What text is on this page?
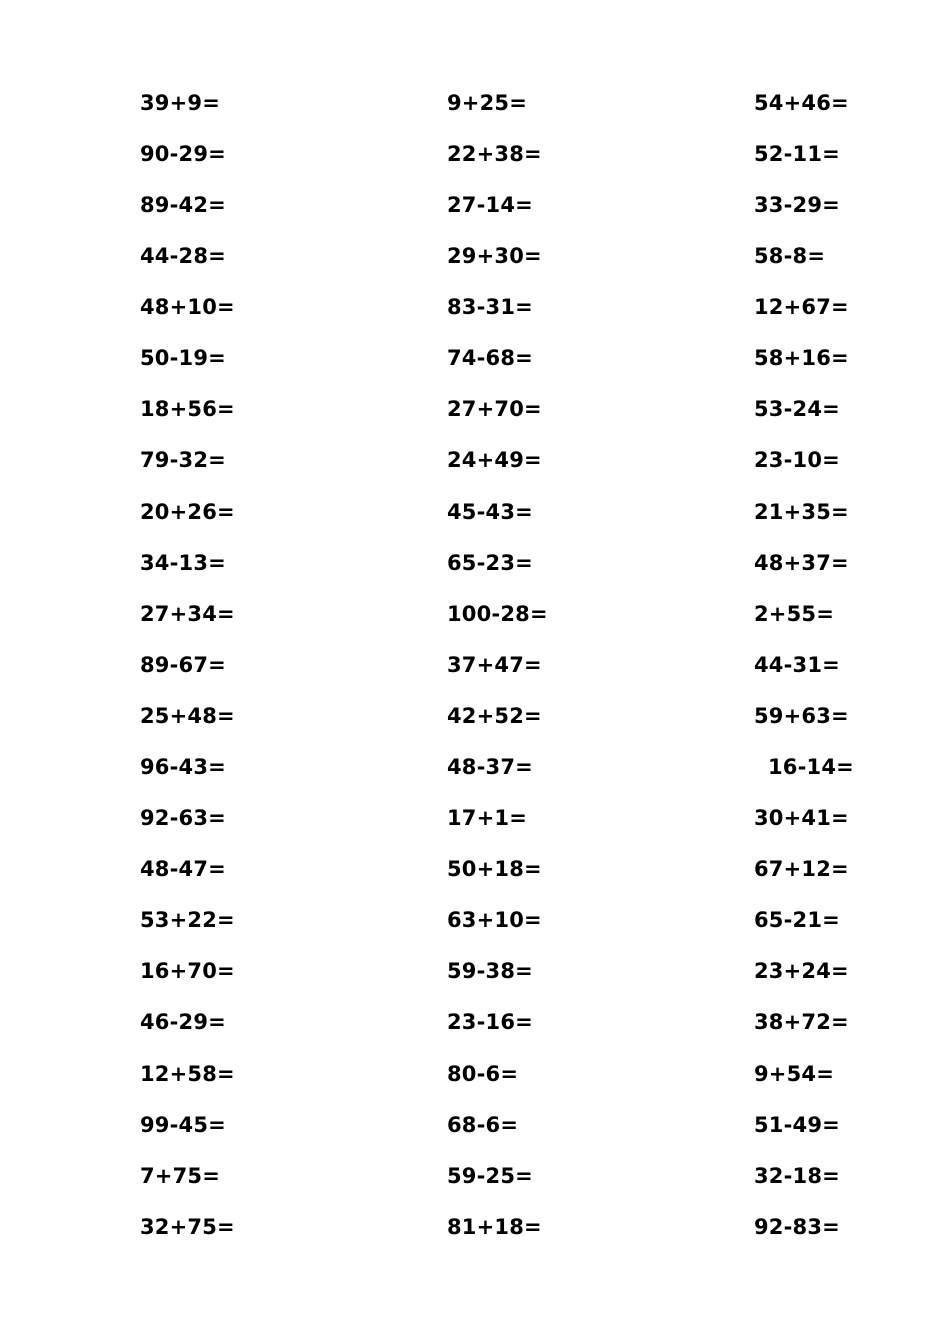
39+9=	9+25=	54+46=
90-29=	22+38=	52-11=
89-42=	27-14=	33-29=
44-28=	29+30=	58-8=
48+10=	83-31=	12+67=
50-19=	74-68=	58+16=
18+56=	27+70=	53-24=
79-32=	24+49=	23-10=
20+26=	45-43=	21+35=
34-13=	65-23=	48+37=
27+34=	100-28=	2+55=
89-67=	37+47=	44-31=
25+48=	42+52=	59+63=
96-43=	48-37=	16-14=
92-63=	17+1=	30+41=
48-47=	50+18=	67+12=
53+22=	63+10=	65-21=
16+70=	59-38=	23+24=
46-29=	23-16=	38+72=
12+58=	80-6=	9+54=
99-45=	68-6=	51-49=
7+75=	59-25=	32-18=
32+75=	81+18=	92-83=
